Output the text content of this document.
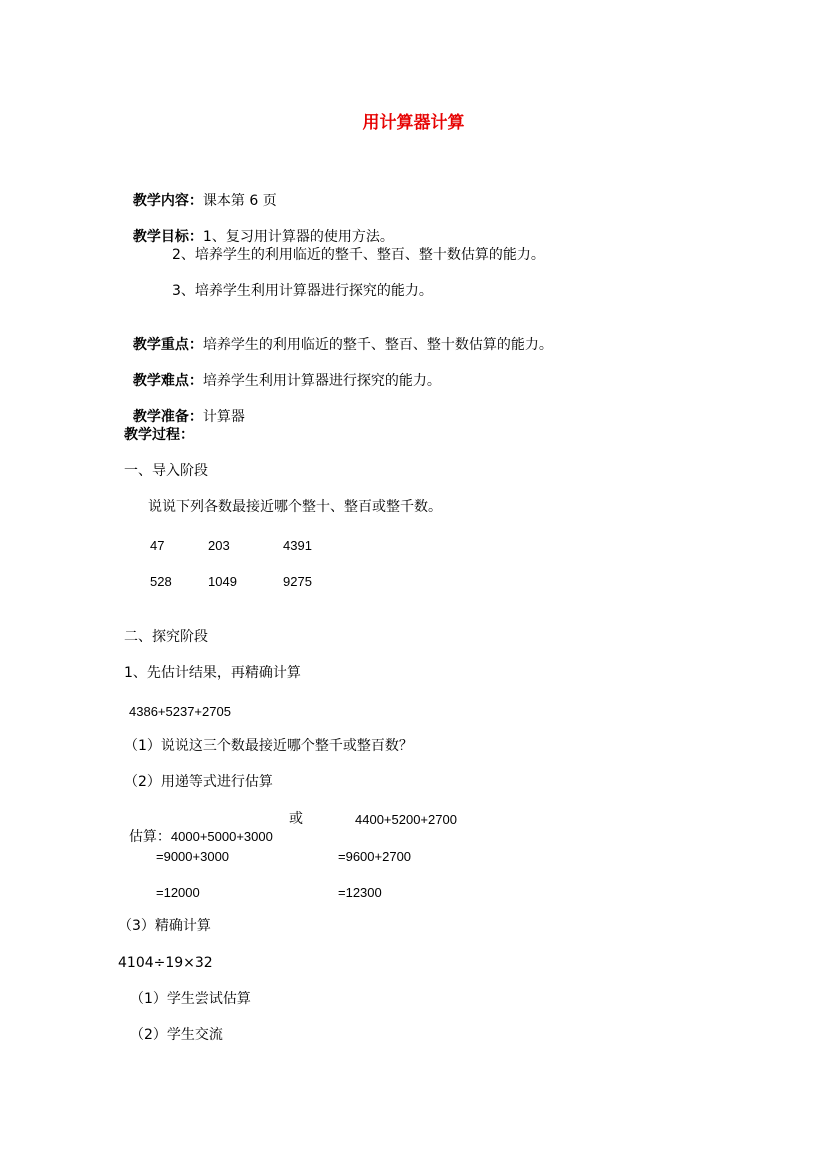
用计算器计算

教学内容：课本第 6 页

教学目标：1、复习用计算器的使用方法。

2、培养学生的利用临近的整千、整百、整十数估算的能力。
3、培养学生利用计算器进行探究的能力。

教学重点：培养学生的利用临近的整千、整百、整十数估算的能力。

教学难点：培养学生利用计算器进行探究的能力。

教学准备：计算器

教学过程：
一、导入阶段
说说下列各数最接近哪个整十、整百或整千数。
47	203	4391
528	1049	9275
二、探究阶段
1、先估计结果，再精确计算
4386+5237+2705
（1）说说这三个数最接近哪个整千或整百数？
（2）用递等式进行估算

估算：4000+5000+3000

或	4400+5200+2700
=9000+3000	=9600+2700
=12000	=12300
（3）精确计算
4104÷19×32
（1）学生尝试估算
（2）学生交流
